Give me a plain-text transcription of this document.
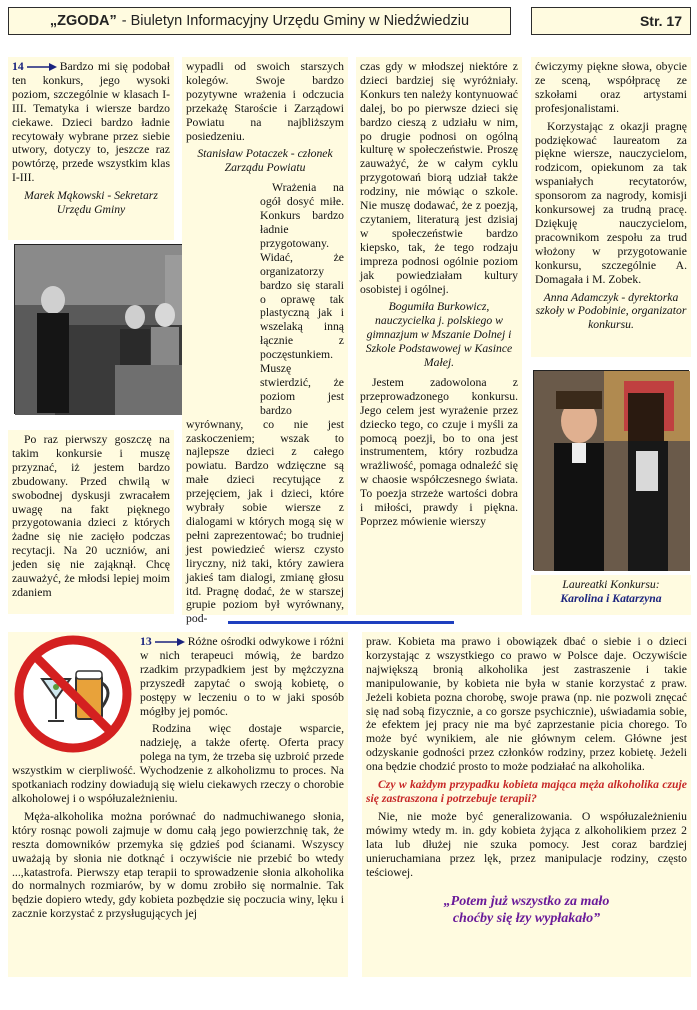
„ZGODA” - Biuletyn Informacyjny Urzędu Gminy w Niedźwiedziu	Str. 17

14	Bardzo mi się podobał ten konkurs, jego wysoki poziom, szczególnie w klasach I-III. Tematyka i wiersze bardzo ciekawe. Dzieci bardzo ładnie recytowały wybrane przez siebie utwory, dotyczy to, jeszcze raz powtórzę, przede wszystkim klas I-III.

Marek Mąkowski - Sekretarz Urzędu Gminy

Po raz pierwszy goszczę na takim konkursie i muszę przyznać, iż jestem bardzo zbudowany. Przed chwilą w swobodnej dyskusji zwracałem uwagę na fakt pięknego przygotowania dzieci z których żadne się nie zacięło podczas recytacji. Na 20 uczniów, ani jeden się nie zająknął. Chcę zauważyć, że młodsi lepiej moim zdaniem

wypadli od swoich starszych kolegów. Swoje bardzo pozytywne wrażenia i odczucia przekażę Staroście i Zarządowi Powiatu na najbliższym posiedzeniu.

Stanisław Potaczek - członek Zarządu Powiatu

Wrażenia na ogół dosyć miłe. Konkurs bardzo ładnie przygotowany. Widać, że organizatorzy bardzo się starali o oprawę tak plastyczną jak i wszelaką inną łącznie z poczęstunkiem. Muszę stwierdzić, że poziom jest bardzo wyrównany, co nie jest zaskoczeniem; wszak to najlepsze dzieci z całego powiatu. Bardzo wdzięczne są małe dzieci recytujące z przejęciem, jak i dzieci, które wybrały sobie wiersze z dialogami w których mogą się w pełni zaprezentować; bo trudniej jest powiedzieć wiersz czysto liryczny, niż taki, który zawiera jakieś tam dialogi, zmianę głosu itd. Pragnę dodać, że w starszej grupie poziom był wyrównany, pod-

czas gdy w młodszej niektóre z dzieci bardziej się wyróżniały. Konkurs ten należy kontynuować dalej, bo po pierwsze dzieci się bardzo cieszą z udziału w nim, po drugie podnosi on ogólną kulturę w społeczeństwie. Proszę zauważyć, że w całym cyklu przygotowań biorą udział także rodziny, nie mówiąc o szkole. Nie muszę dodawać, że z poezją, czytaniem, literaturą jest dzisiaj w społeczeństwie bardzo kiepsko, tak, że tego rodzaju impreza podnosi ogólnie poziom jak powiedziałam kultury osobistej i ogólnej.

Bogumiła Burkowicz, nauczycielka j. polskiego w gimnazjum w Mszanie Dolnej i Szkole Podstawowej w Kasince Małej.

Jestem zadowolona z przeprowadzonego konkursu. Jego celem jest wyrażenie przez dziecko tego, co czuje i myśli za pomocą poezji, bo to ona jest instrumentem, który rozbudza wrażliwość, pomaga odnaleźć się w chaosie współczesnego świata. To poezja strzeże wartości dobra i miłości, prawdy i piękna. Poprzez mówienie wierszy

ćwiczymy piękne słowa, obycie ze sceną, współpracę ze szkołami oraz artystami profesjonalistami.

Korzystając z okazji pragnę podziękować laureatom za piękne wiersze, nauczycielom, rodzicom, opiekunom za tak wspaniałych recytatorów, sponsorom za nagrody, komisji konkursowej za trudną pracę. Dziękuję nauczycielom, pracownikom zespołu za trud włożony w przygotowanie konkursu, szczególnie A. Domagała i M. Zobek.

Anna Adamczyk - dyrektorka szkoły w Podobinie, organizator konkursu.
Laureatki Konkursu:
Karolina i Katarzyna

13	Różne ośrodki odwykowe i różni w nich terapeuci mówią, że bardzo rzadkim przypadkiem jest by mężczyzna przyszedł zapytać o swoją kobietę, o postępy w leczeniu o to w jaki sposób mógłby jej pomóc.

Rodzina więc dostaje wsparcie, nadzieję, a także ofertę. Oferta pracy polega na tym, że trzeba się uzbroić przede wszystkim w cierpliwość. Wychodzenie z alkoholizmu to proces. Na spotkaniach rodziny dowiadują się wielu ciekawych rzeczy o chorobie alkoholowej i o współuzależnieniu.

Męża-alkoholika można porównać do nadmuchiwanego słonia, który rosnąc powoli zajmuje w domu całą jego powierzchnię tak, że reszta domowników przemyka się gdzieś pod ścianami. Wszyscy uważają by słonia nie dotknąć i oczywiście nie przebić bo wtedy ...,katastrofa. Pierwszy etap terapii to sprowadzenie słonia alkoholika do normalnych rozmiarów, by w domu zrobiło się normalnie. Tak będzie dopiero wtedy, gdy kobieta pozbędzie się poczucia winy, lęku i zacznie korzystać z przysługujących jej

praw. Kobieta ma prawo i obowiązek dbać o siebie i o dzieci korzystając z wszystkiego co prawo w Polsce daje. Oczywiście największą bronią alkoholika jest zastraszenie i takie manipulowanie, by kobieta nie była w stanie korzystać z praw. Jeżeli kobieta pozna chorobę, swoje prawa (np. nie pozwoli znęcać się nad sobą fizycznie, a co gorsze psychicznie), uświadamia sobie, że efektem jej pracy nie ma być zaprzestanie picia chorego. To może być wynikiem, ale nie głównym celem. Główne jest odzyskanie godności przez członków rodziny, przez kobietę. Jeżeli ona będzie chodzić prosto to może podziałać na alkoholika.

Czy w każdym przypadku kobieta mająca męża alkoholika czuje się zastraszona i potrzebuje terapii?

Nie, nie może być generalizowania. O współuzależnieniu mówimy wtedy m. in. gdy kobieta żyjąca z alkoholikiem przez 2 lata lub dłużej nie szuka pomocy. Jest coraz bardziej unieruchamiana przez lęk, przez manipulacje rodziny, często teściowej.

„Potem już wszystko za mało
choćby się łzy wypłakało”
